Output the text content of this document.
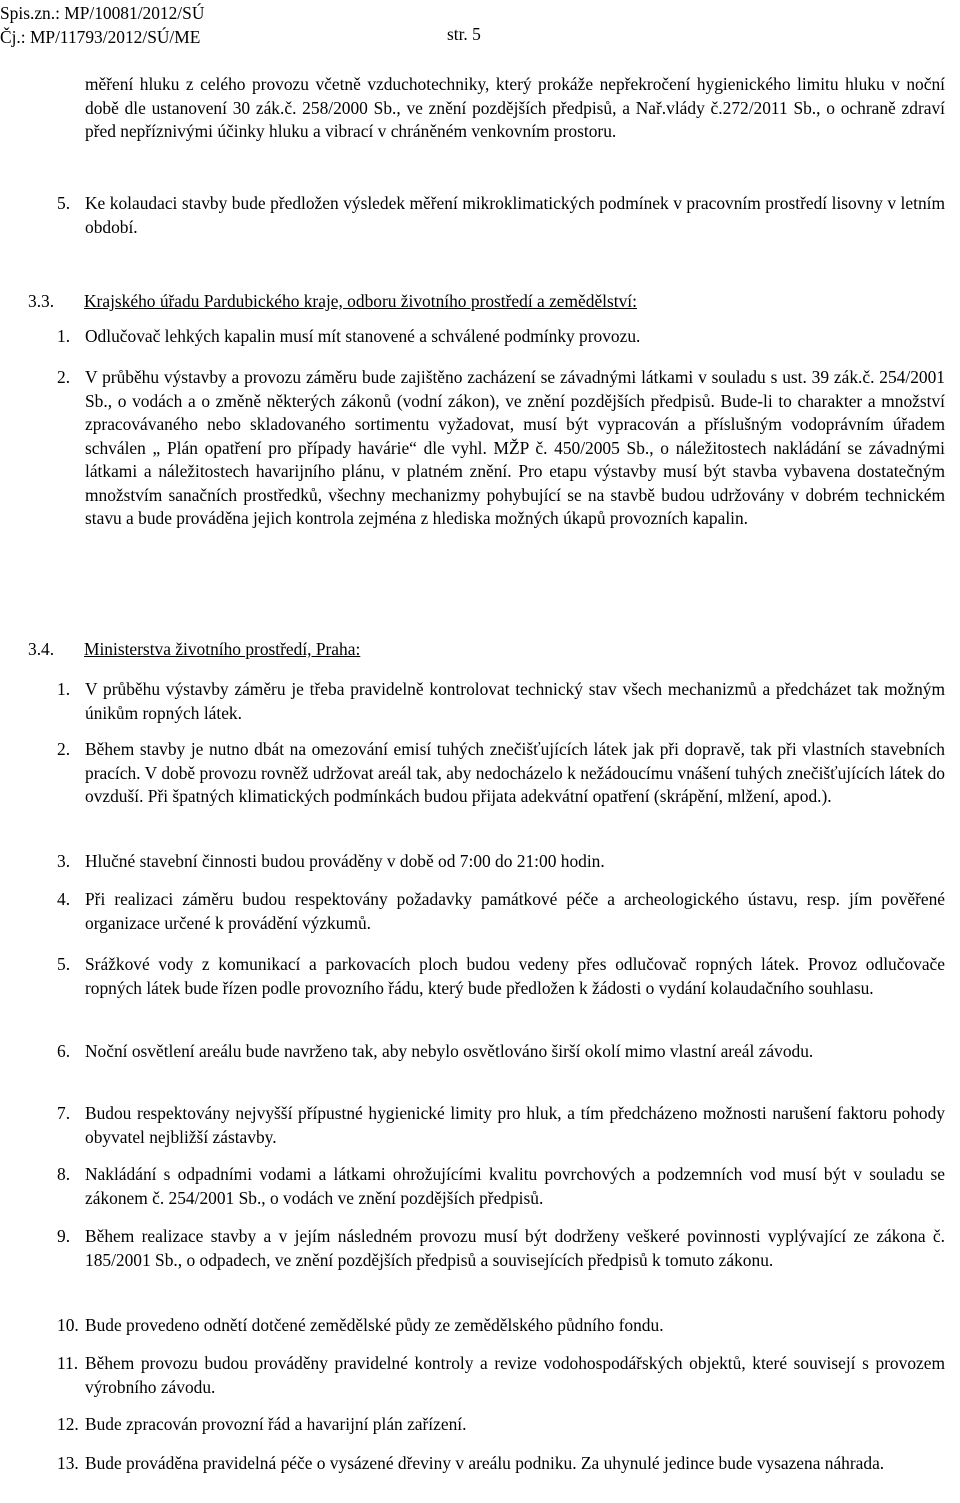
Spis.zn.: MP/10081/2012/SÚ
Čj.: MP/11793/2012/SÚ/ME	str. 5
měření hluku z celého provozu včetně vzduchotechniky, který prokáže nepřekročení hygienického limitu hluku v noční době dle ustanovení 30 zák.č. 258/2000 Sb., ve znění pozdějších předpisů, a Nař.vlády č.272/2011 Sb., o ochraně zdraví před nepříznivými účinky hluku a vibrací v chráněném venkovním prostoru.
5. Ke kolaudaci stavby bude předložen výsledek měření mikroklimatických podmínek v pracovním prostředí lisovny v letním období.
3.3. Krajského úřadu Pardubického kraje, odboru životního prostředí a zemědělství:
1. Odlučovač lehkých kapalin musí mít stanovené a schválené podmínky provozu.
2. V průběhu výstavby a provozu záměru bude zajištěno zacházení se závadnými látkami v souladu s ust. 39 zák.č. 254/2001 Sb., o vodách a o změně některých zákonů (vodní zákon), ve znění pozdějších předpisů. Bude-li to charakter a množství zpracovávaného nebo skladovaného sortimentu vyžadovat, musí být vypracován a příslušným vodoprávním úřadem schválen „ Plán opatření pro případy havárie“ dle vyhl. MŽP č. 450/2005 Sb., o náležitostech nakládání se závadnými látkami a náležitostech havarijního plánu, v platném znění. Pro etapu výstavby musí být stavba vybavena dostatečným množstvím sanačních prostředků, všechny mechanizmy pohybující se na stavbě budou udržovány v dobrém technickém stavu a bude prováděna jejich kontrola zejména z hlediska možných úkapů provozních kapalin.
3.4. Ministerstva životního prostředí, Praha:
1. V průběhu výstavby záměru je třeba pravidelně kontrolovat technický stav všech mechanizmů a předcházet tak možným únikům ropných látek.
2. Během stavby je nutno dbát na omezování emisí tuhých znečišťujících látek jak při dopravě, tak při vlastních stavebních pracích. V době provozu rovněž udržovat areál tak, aby nedocházelo k nežádoucímu vnášení tuhých znečišťujících látek do ovzduší. Při špatných klimatických podmínkách budou přijata adekvátní opatření (skrápění, mlžení, apod.).
3. Hlučné stavební činnosti budou prováděny v době od 7:00 do 21:00 hodin.
4. Při realizaci záměru budou respektovány požadavky památkové péče a archeologického ústavu, resp. jím pověřené organizace určené k provádění výzkumů.
5. Srážkové vody z komunikací a parkovacích ploch budou vedeny přes odlučovač ropných látek. Provoz odlučovače ropných látek bude řízen podle provozního řádu, který bude předložen k žádosti o vydání kolaudačního souhlasu.
6. Noční osvětlení areálu bude navrženo tak, aby nebylo osvětlováno širší okolí mimo vlastní areál závodu.
7. Budou respektovány nejvyšší přípustné hygienické limity pro hluk, a tím předcházeno možnosti narušení faktoru pohody obyvatel nejbližší zástavby.
8. Nakládání s odpadními vodami a látkami ohrožujícími kvalitu povrchových a podzemních vod musí být v souladu se zákonem č. 254/2001 Sb., o vodách ve znění pozdějších předpisů.
9. Během realizace stavby a v jejím následném provozu musí být dodrženy veškeré povinnosti vyplývající ze zákona č. 185/2001 Sb., o odpadech, ve znění pozdějších předpisů a souvisejících předpisů k tomuto zákonu.
10. Bude provedeno odnětí dotčené zemědělské půdy ze zemědělského půdního fondu.
11. Během provozu budou prováděny pravidelné kontroly a revize vodohospodářských objektů, které souvisejí s provozem výrobního závodu.
12. Bude zpracován provozní řád a havarijní plán zařízení.
13. Bude prováděna pravidelná péče o vysázené dřeviny v areálu podniku. Za uhynulé jedince bude vysazena náhrada.
